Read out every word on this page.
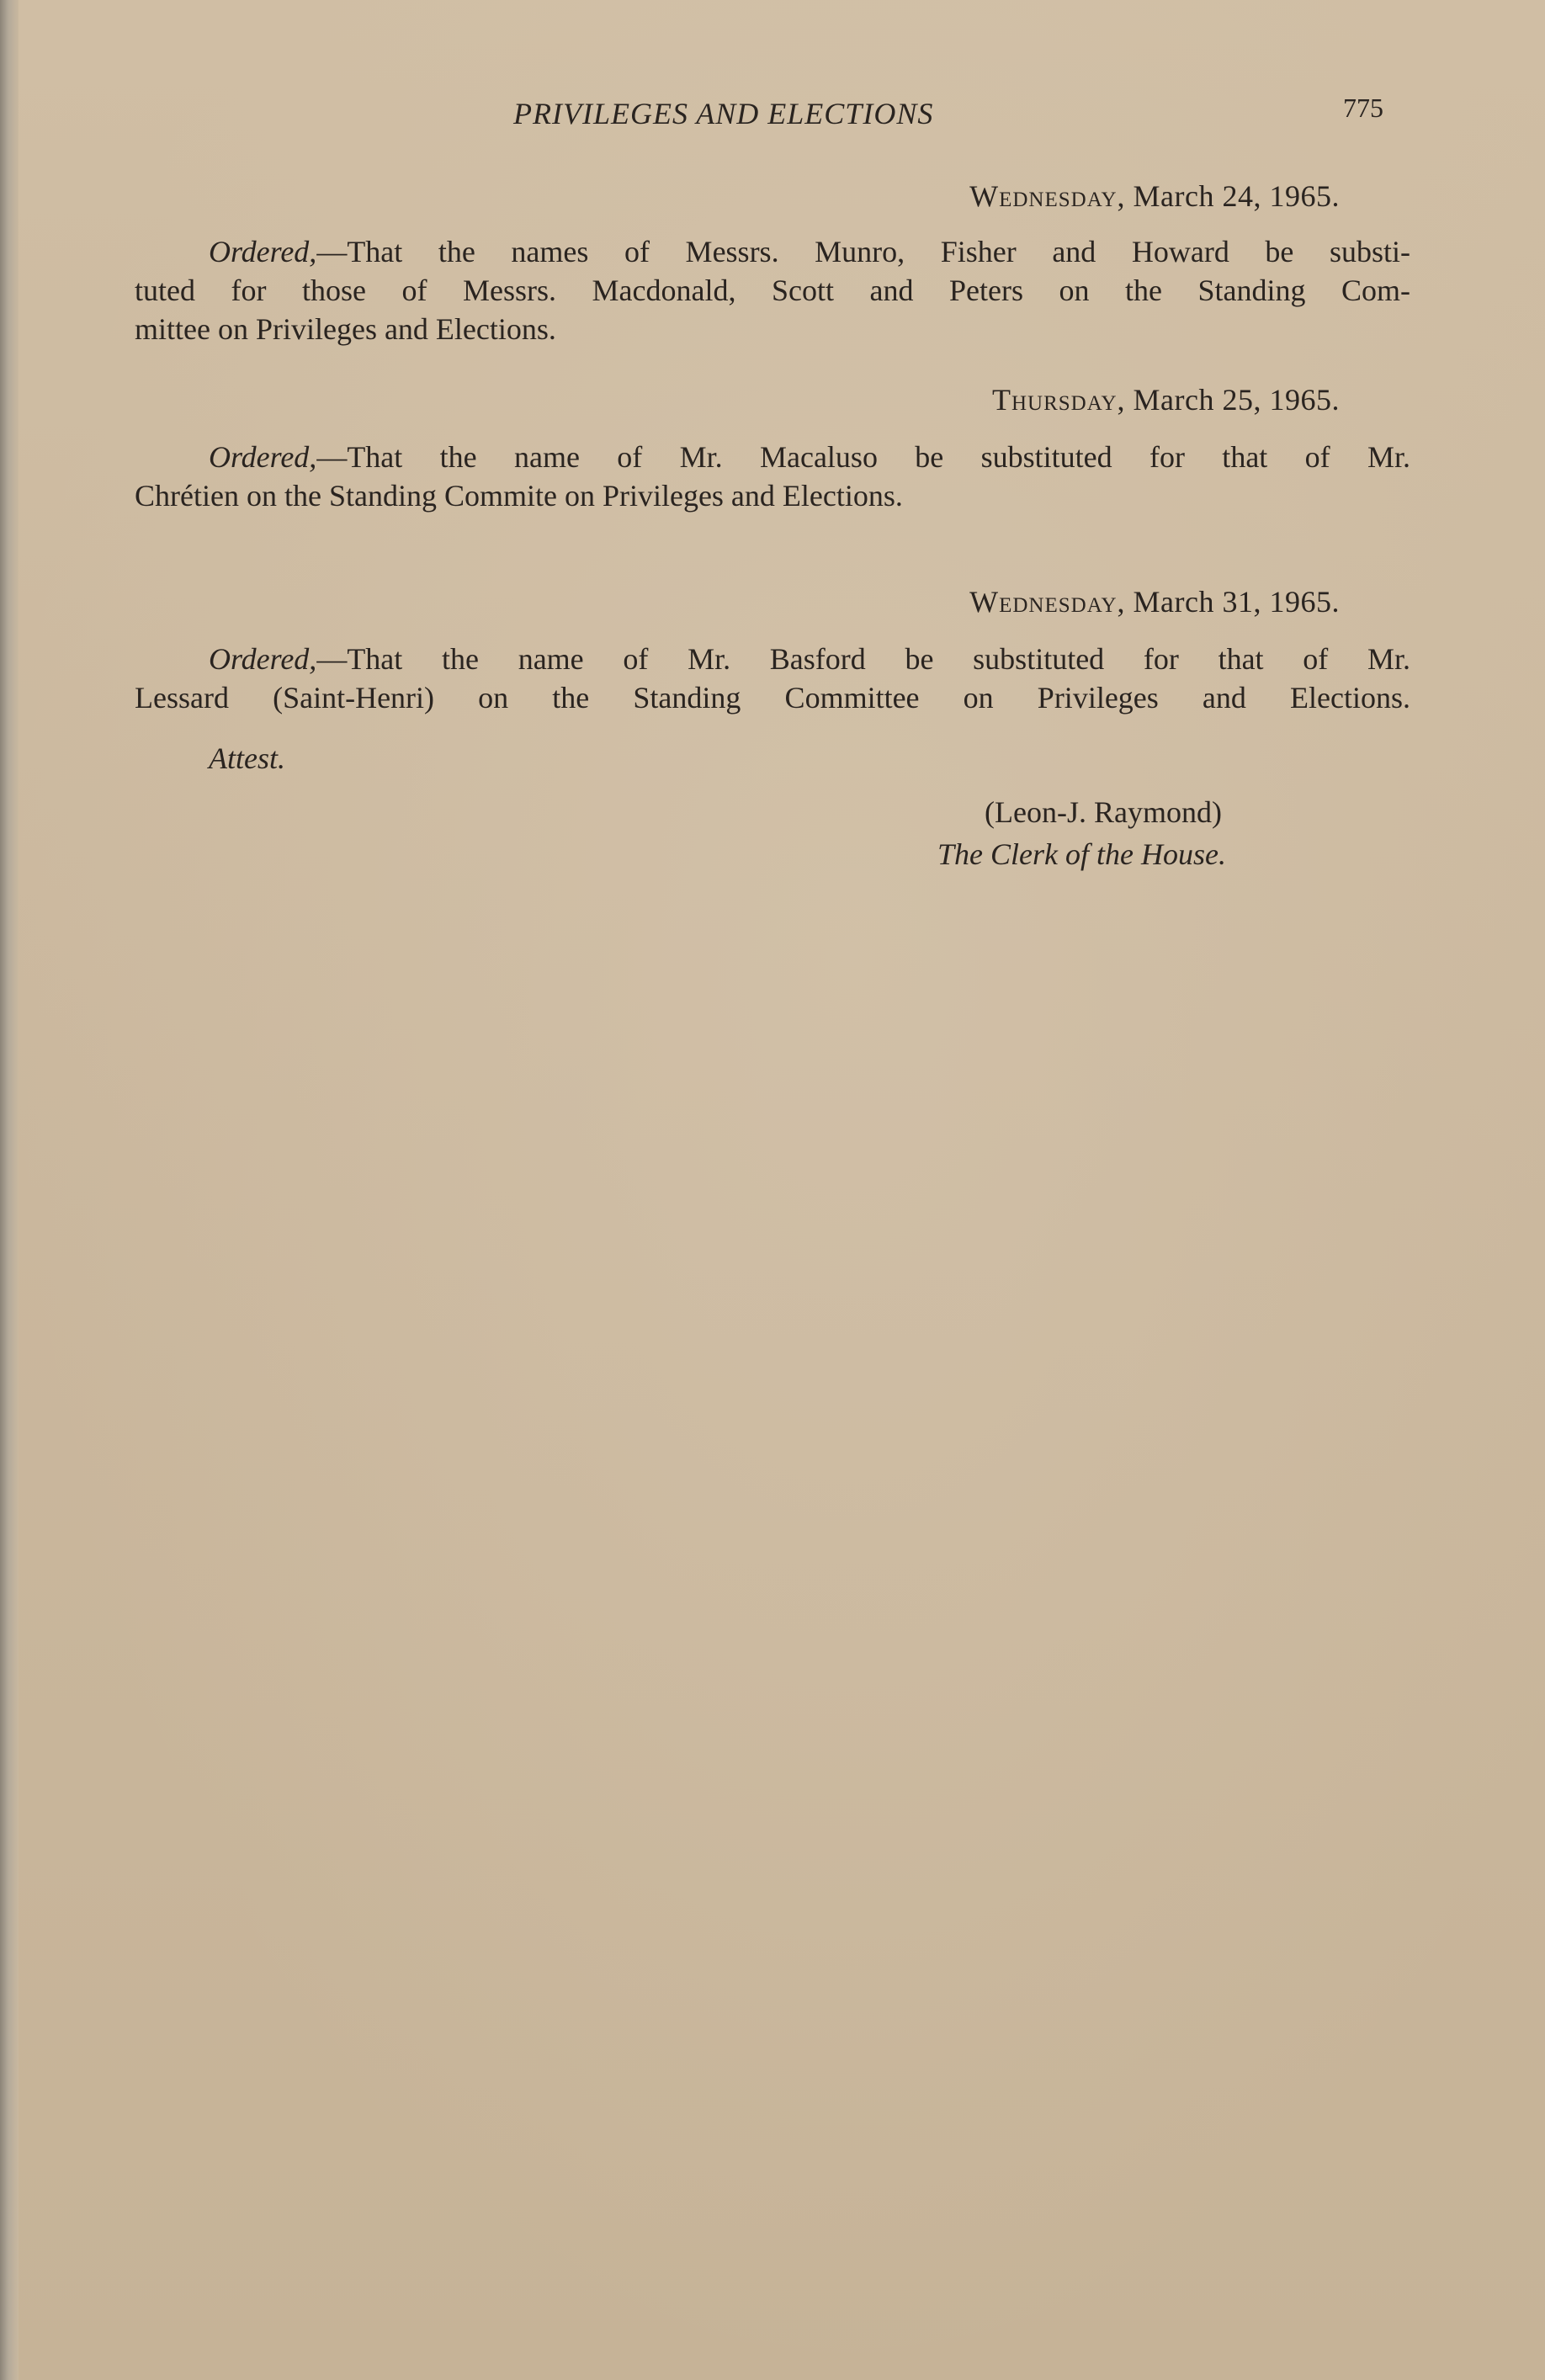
PRIVILEGES AND ELECTIONS	775
Wednesday, March 24, 1965.
Ordered,—That the names of Messrs. Munro, Fisher and Howard be substi-
tuted for those of Messrs. Macdonald, Scott and Peters on the Standing Com-
mittee on Privileges and Elections.
Thursday, March 25, 1965.
Ordered,—That the name of Mr. Macaluso be substituted for that of Mr.
Chrétien on the Standing Commite on Privileges and Elections.
Wednesday, March 31, 1965.
Ordered,—That the name of Mr. Basford be substituted for that of Mr.
Lessard (Saint-Henri) on the Standing Committee on Privileges and Elections.
Attest.
(Leon-J. Raymond)
The Clerk of the House.
